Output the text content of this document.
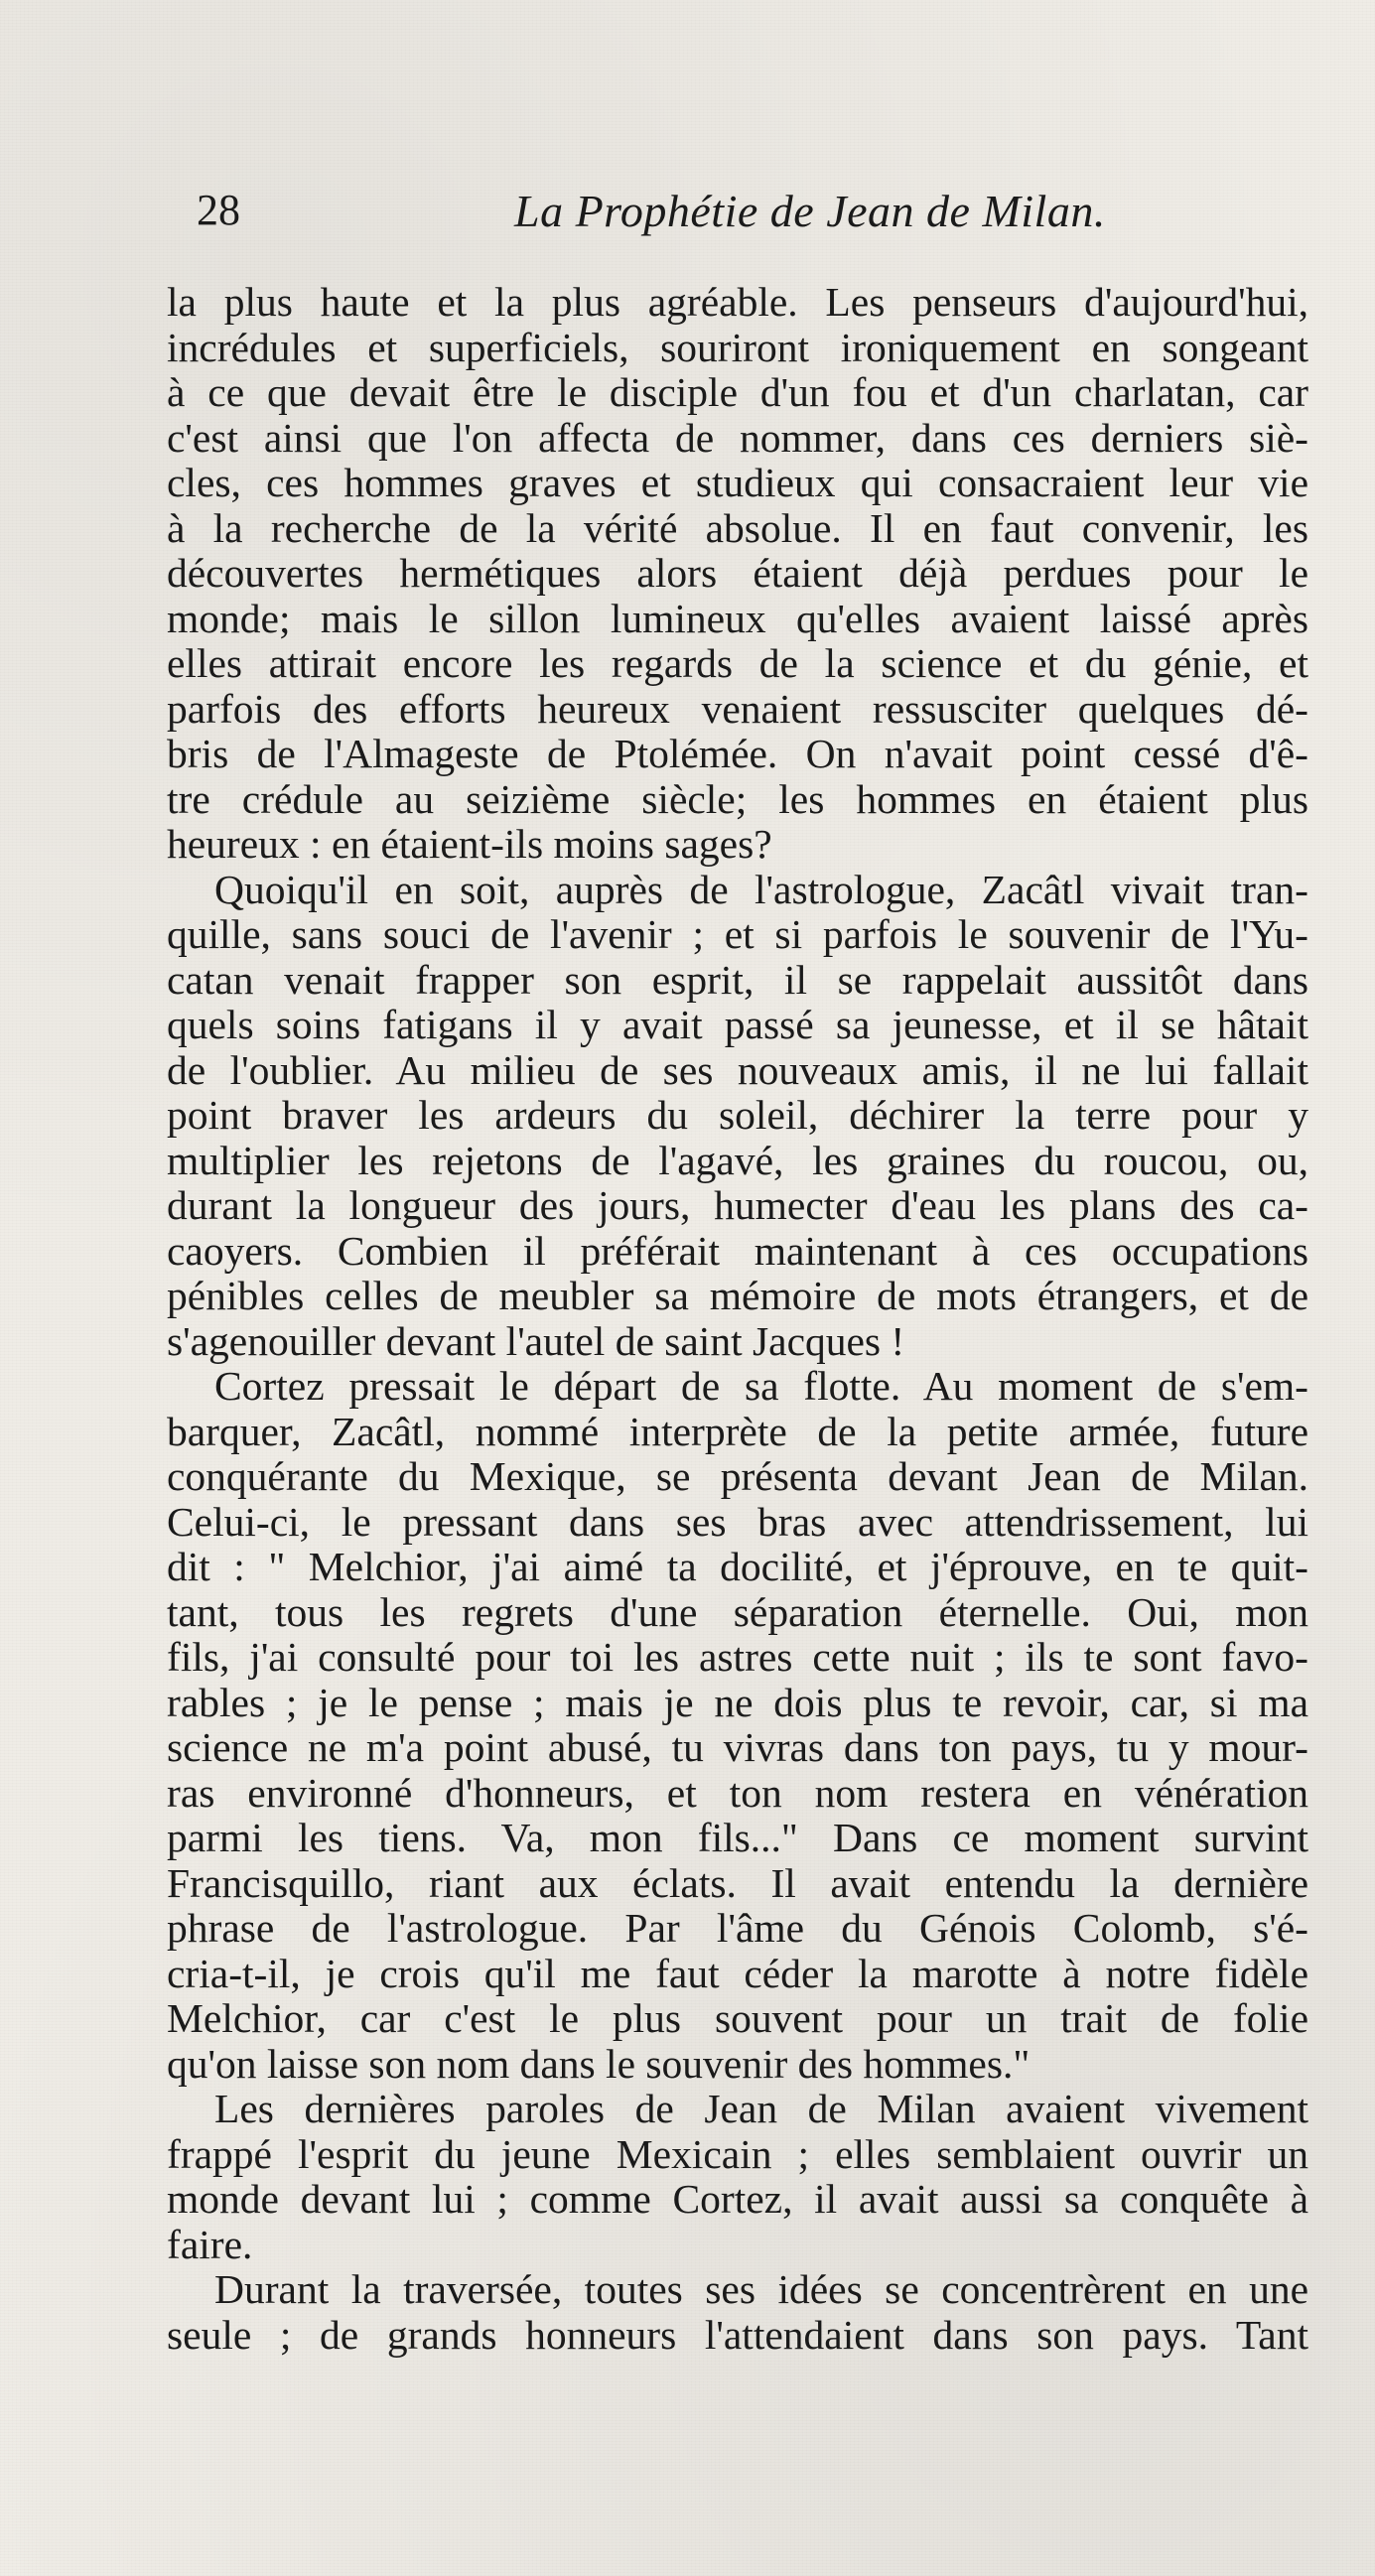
28	La Prophétie de Jean de Milan.
la plus haute et la plus agréable. Les penseurs d'aujourd'hui,
incrédules et superficiels, souriront ironiquement en songeant
à ce que devait être le disciple d'un fou et d'un charlatan, car
c'est ainsi que l'on affecta de nommer, dans ces derniers siè-
cles, ces hommes graves et studieux qui consacraient leur vie
à la recherche de la vérité absolue. Il en faut convenir, les
découvertes hermétiques alors étaient déjà perdues pour le
monde; mais le sillon lumineux qu'elles avaient laissé après
elles attirait encore les regards de la science et du génie, et
parfois des efforts heureux venaient ressusciter quelques dé-
bris de l'Almageste de Ptolémée. On n'avait point cessé d'ê-
tre crédule au seizième siècle; les hommes en étaient plus
heureux : en étaient-ils moins sages?
Quoiqu'il en soit, auprès de l'astrologue, Zacâtl vivait tran-
quille, sans souci de l'avenir ; et si parfois le souvenir de l'Yu-
catan venait frapper son esprit, il se rappelait aussitôt dans
quels soins fatigans il y avait passé sa jeunesse, et il se hâtait
de l'oublier. Au milieu de ses nouveaux amis, il ne lui fallait
point braver les ardeurs du soleil, déchirer la terre pour y
multiplier les rejetons de l'agavé, les graines du roucou, ou,
durant la longueur des jours, humecter d'eau les plans des ca-
caoyers. Combien il préférait maintenant à ces occupations
pénibles celles de meubler sa mémoire de mots étrangers, et de
s'agenouiller devant l'autel de saint Jacques !
Cortez pressait le départ de sa flotte. Au moment de s'em-
barquer, Zacâtl, nommé interprète de la petite armée, future
conquérante du Mexique, se présenta devant Jean de Milan.
Celui-ci, le pressant dans ses bras avec attendrissement, lui
dit : " Melchior, j'ai aimé ta docilité, et j'éprouve, en te quit-
tant, tous les regrets d'une séparation éternelle. Oui, mon
fils, j'ai consulté pour toi les astres cette nuit ; ils te sont favo-
rables ; je le pense ; mais je ne dois plus te revoir, car, si ma
science ne m'a point abusé, tu vivras dans ton pays, tu y mour-
ras environné d'honneurs, et ton nom restera en vénération
parmi les tiens. Va, mon fils..." Dans ce moment survint
Francisquillo, riant aux éclats. Il avait entendu la dernière
phrase de l'astrologue. Par l'âme du Génois Colomb, s'é-
cria-t-il, je crois qu'il me faut céder la marotte à notre fidèle
Melchior, car c'est le plus souvent pour un trait de folie
qu'on laisse son nom dans le souvenir des hommes."
Les dernières paroles de Jean de Milan avaient vivement
frappé l'esprit du jeune Mexicain ; elles semblaient ouvrir un
monde devant lui ; comme Cortez, il avait aussi sa conquête à
faire.
Durant la traversée, toutes ses idées se concentrèrent en une
seule ; de grands honneurs l'attendaient dans son pays. Tant
